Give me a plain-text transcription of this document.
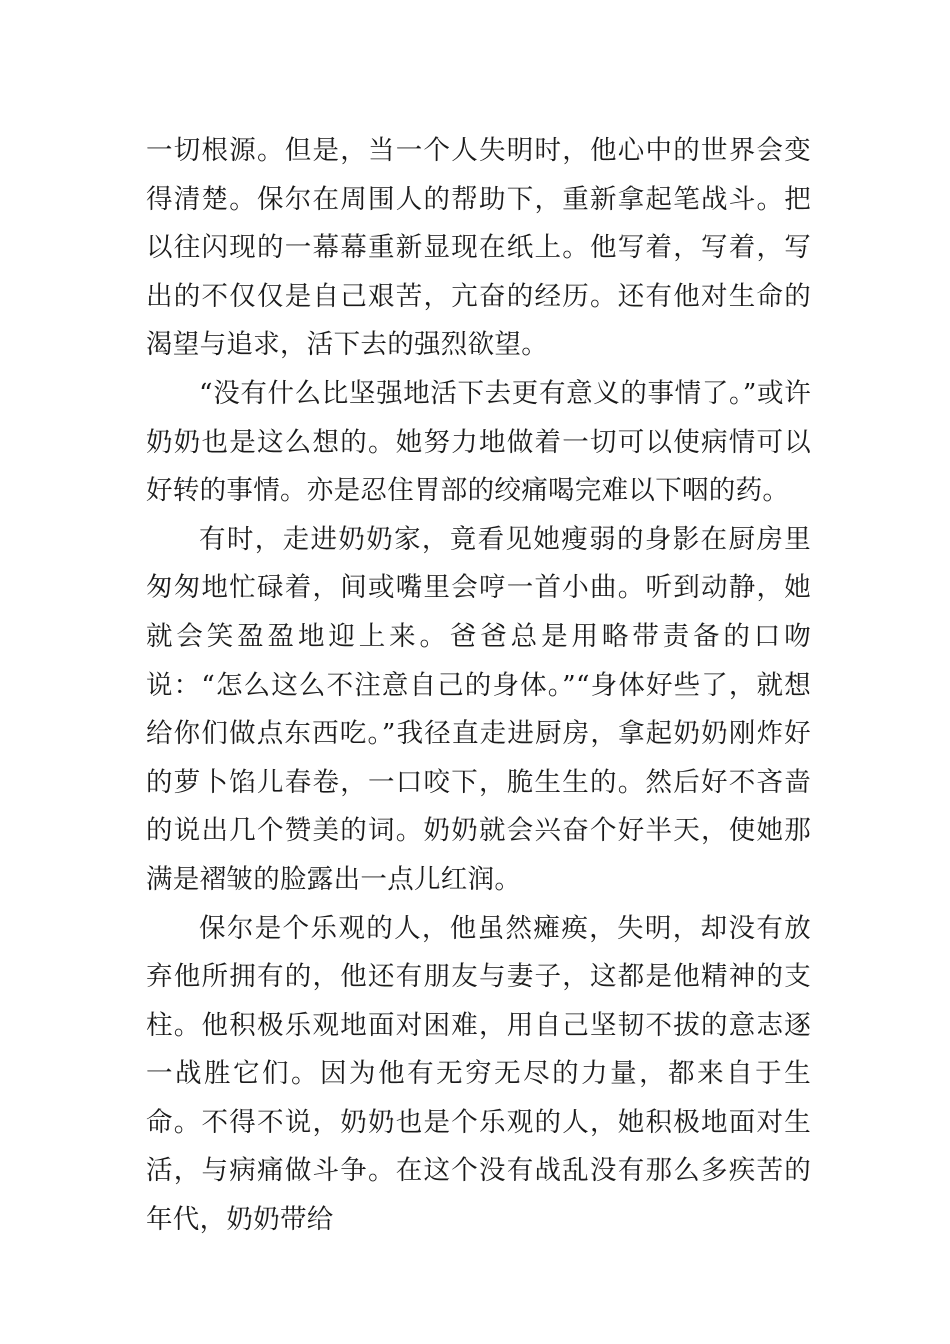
一切根源。但是，当一个人失明时，他心中的世界会变得清楚。保尔在周围人的帮助下，重新拿起笔战斗。把以往闪现的一幕幕重新显现在纸上。他写着，写着，写出的不仅仅是自己艰苦，亢奋的经历。还有他对生命的渴望与追求，活下去的强烈欲望。

“没有什么比坚强地活下去更有意义的事情了。”或许奶奶也是这么想的。她努力地做着一切可以使病情可以好转的事情。亦是忍住胃部的绞痛喝完难以下咽的药。

有时，走进奶奶家，竟看见她瘦弱的身影在厨房里匆匆地忙碌着，间或嘴里会哼一首小曲。听到动静，她就会笑盈盈地迎上来。爸爸总是用略带责备的口吻说：“怎么这么不注意自己的身体。”“身体好些了，就想给你们做点东西吃。”我径直走进厨房，拿起奶奶刚炸好的萝卜馅儿春卷，一口咬下，脆生生的。然后好不吝啬的说出几个赞美的词。奶奶就会兴奋个好半天，使她那满是褶皱的脸露出一点儿红润。

保尔是个乐观的人，他虽然瘫痪，失明，却没有放弃他所拥有的，他还有朋友与妻子，这都是他精神的支柱。他积极乐观地面对困难，用自己坚韧不拔的意志逐一战胜它们。因为他有无穷无尽的力量，都来自于生命。不得不说，奶奶也是个乐观的人，她积极地面对生活，与病痛做斗争。在这个没有战乱没有那么多疾苦的年代，奶奶带给
